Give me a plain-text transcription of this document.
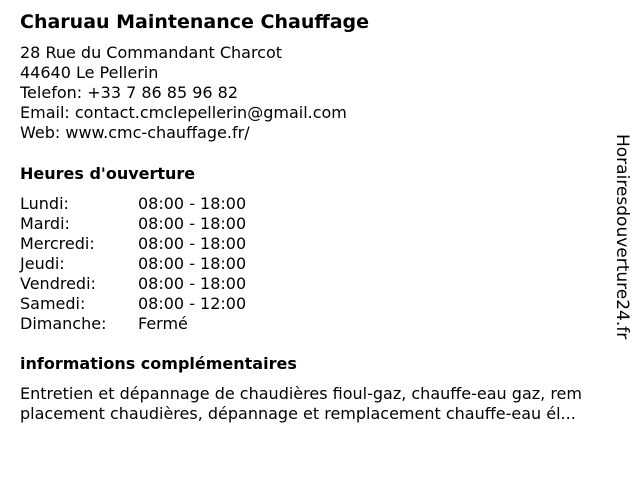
Charuau Maintenance Chauffage
28 Rue du Commandant Charcot
44640 Le Pellerin
Telefon: +33 7 86 85 96 82
Email: contact.cmclepellerin@gmail.com
Web: www.cmc-chauffage.fr/
Heures d'ouverture
Lundi:	08:00 - 18:00
Mardi:	08:00 - 18:00
Mercredi:	08:00 - 18:00
Jeudi:	08:00 - 18:00
Vendredi:	08:00 - 18:00
Samedi:	08:00 - 12:00
Dimanche: Fermé
informations complémentaires
Entretien et dépannage de chaudières fioul-gaz, chauffe-eau gaz, rem
placement chaudières, dépannage et remplacement chauffe-eau él...
Horairesdouverture24.fr
